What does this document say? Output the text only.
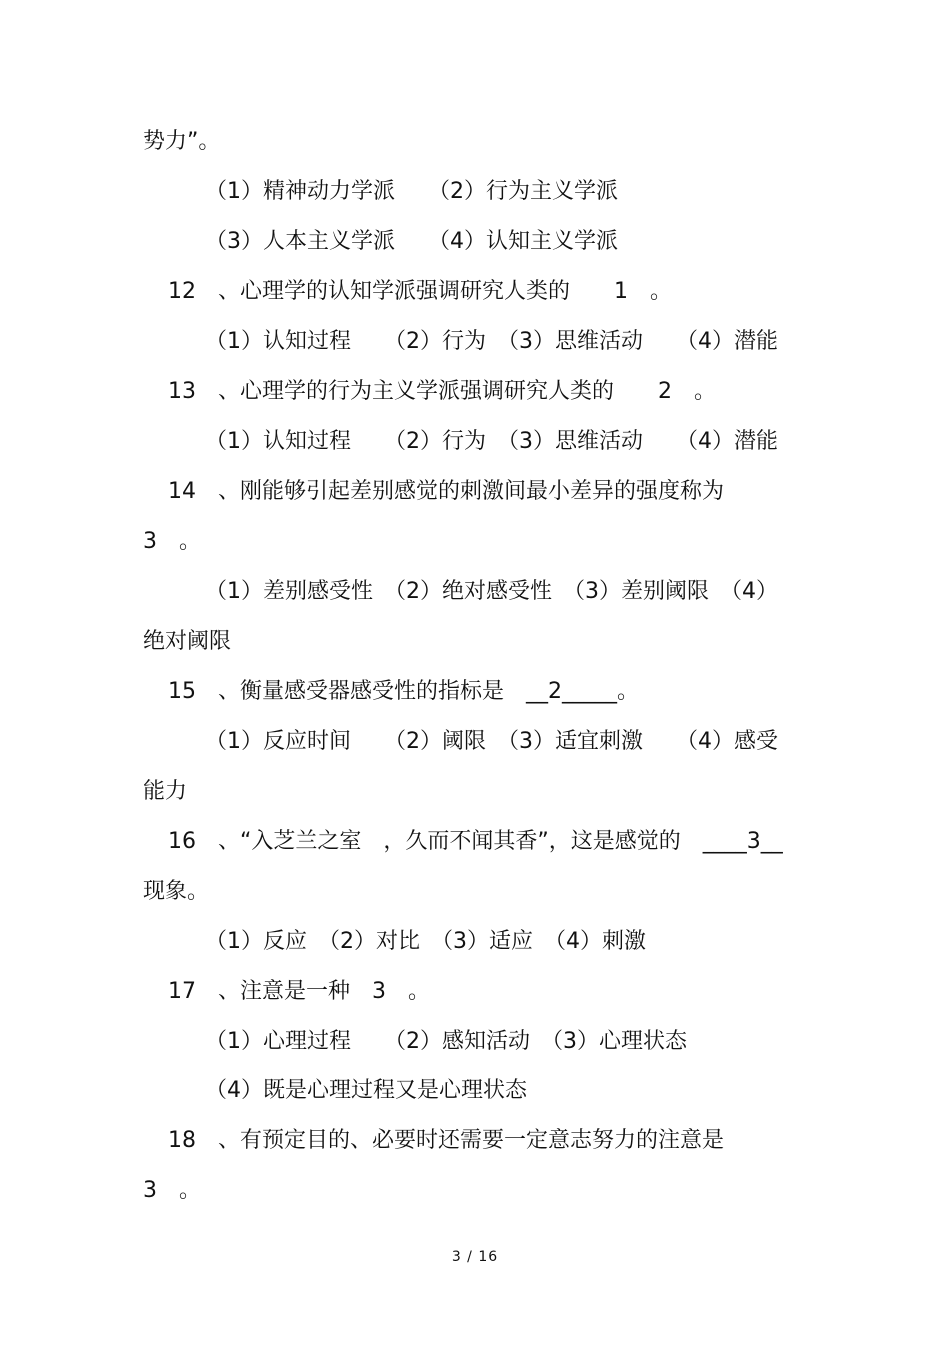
势力”。
（1）精神动力学派　　（2）行为主义学派
（3）人本主义学派　　（4）认知主义学派
12　、心理学的认知学派强调研究人类的　　1　。
（1）认知过程　　（2）行为　（3）思维活动　　（4）潜能
13　、心理学的行为主义学派强调研究人类的　　2　。
（1）认知过程　　（2）行为　（3）思维活动　　（4）潜能
14　、刚能够引起差别感觉的刺激间最小差异的强度称为
3　。
（1）差别感受性　（2）绝对感受性　（3）差别阈限　（4）
绝对阈限
15　、衡量感受器感受性的指标是　__2_____。
（1）反应时间　　（2）阈限　（3）适宜刺激　　（4）感受
能力
16　、“入芝兰之室　，久而不闻其香”，这是感觉的　____3__
现象。
（1）反应　（2）对比　（3）适应　（4）刺激
17　、注意是一种　3　。
（1）心理过程　　（2）感知活动　（3）心理状态
（4）既是心理过程又是心理状态
18　、有预定目的、必要时还需要一定意志努力的注意是
3　。
3 / 16
